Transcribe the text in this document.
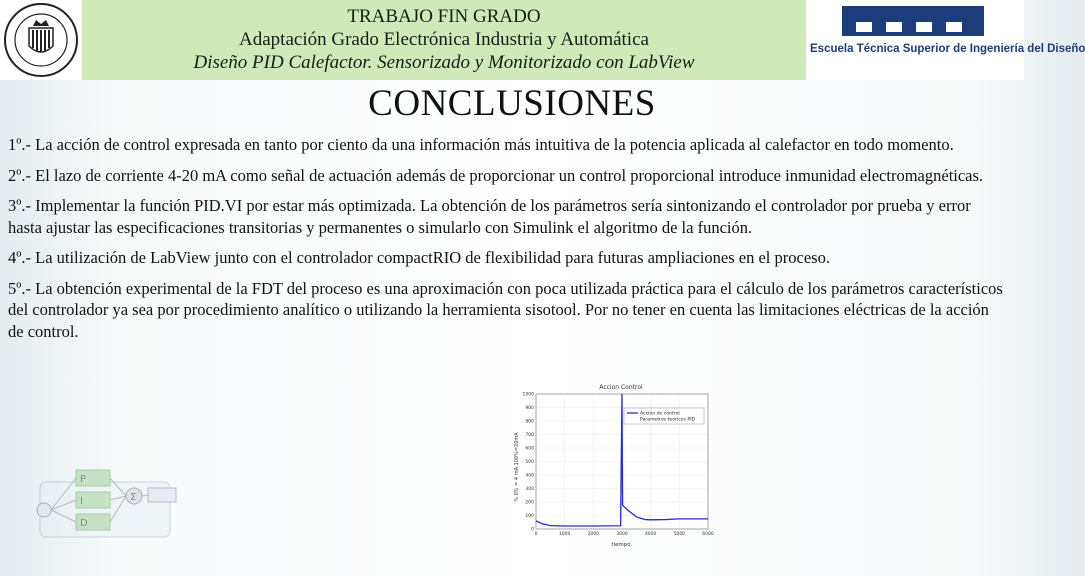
Escuela Técnica Superior de Ingeniería del Diseño
TRABAJO FIN GRADO
Adaptación Grado Electrónica Industria y Automática
Diseño PID Calefactor. Sensorizado y Monitorizado con LabView
CONCLUSIONES

1º.- La acción de control expresada en tanto por ciento da una información más intuitiva de la potencia aplicada al calefactor en todo momento.

2º.- El lazo de corriente 4-20 mA como señal de actuación además de proporcionar un control proporcional introduce inmunidad electromagnéticas.

3º.- Implementar la función PID.VI por estar más optimizada. La obtención de los parámetros sería sintonizando el controlador por prueba y error hasta ajustar las especificaciones transitorias y permanentes o simularlo con Simulink el algoritmo de la función.

4º.- La utilización de LabView junto con el controlador compactRIO de flexibilidad para futuras ampliaciones en el proceso.

5º.- La obtención experimental de la FDT del proceso es una aproximación con poca utilizada práctica para el cálculo de los parámetros característicos del controlador ya sea por procedimiento analítico o utilizando la herramienta sisotool. Por no tener en cuenta las limitaciones eléctricas de la acción de control.

P
I
D
Σ
Accion Control
tiempo
% 0% = 4 mA 100%=20mA
0	1000	2000	3000	4000	5000	6000
0
100
200
300
400
500
600
700
800
900
1000
Acción de control
Parametros teoricos PID
